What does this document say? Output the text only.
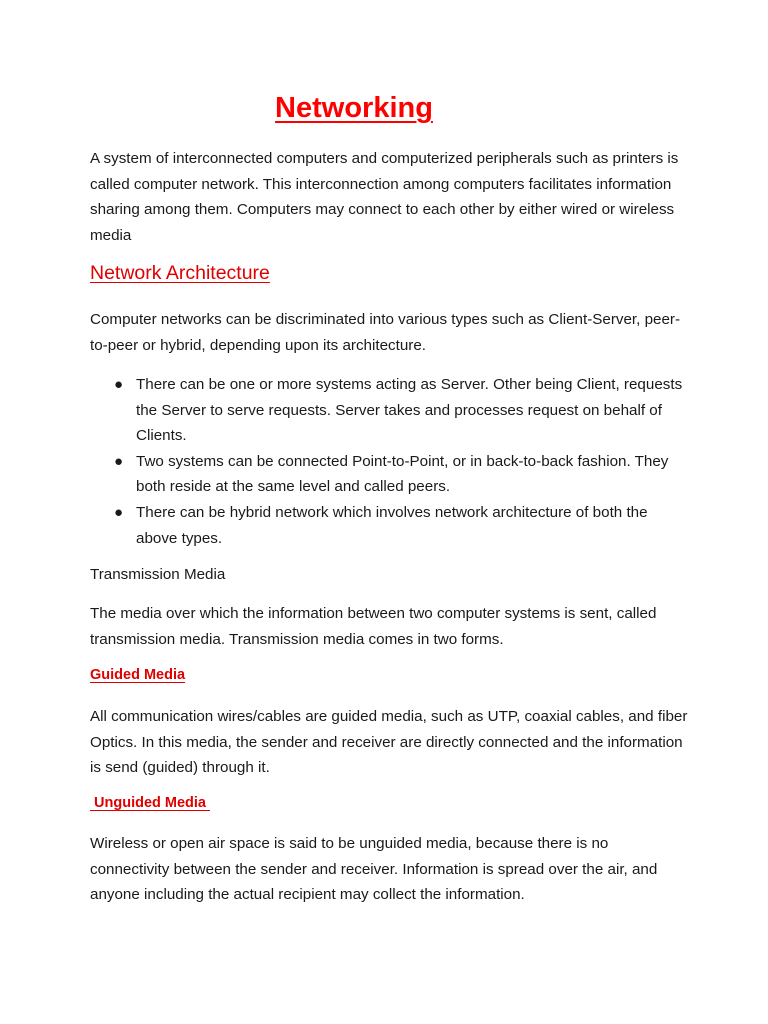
Networking

A system of interconnected computers and computerized peripherals such as printers is called computer network. This interconnection among computers facilitates information sharing among them. Computers may connect to each other by either wired or wireless media

Network Architecture

Computer networks can be discriminated into various types such as Client-Server, peer-to-peer or hybrid, depending upon its architecture.

● There can be one or more systems acting as Server. Other being Client, requests the Server to serve requests. Server takes and processes request on behalf of Clients.
● Two systems can be connected Point-to-Point, or in back-to-back fashion. They both reside at the same level and called peers.
● There can be hybrid network which involves network architecture of both the above types.

Transmission Media

The media over which the information between two computer systems is sent, called transmission media. Transmission media comes in two forms.

Guided Media

All communication wires/cables are guided media, such as UTP, coaxial cables, and fiber Optics. In this media, the sender and receiver are directly connected and the information is send (guided) through it.

Unguided Media

Wireless or open air space is said to be unguided media, because there is no connectivity between the sender and receiver. Information is spread over the air, and anyone including the actual recipient may collect the information.
